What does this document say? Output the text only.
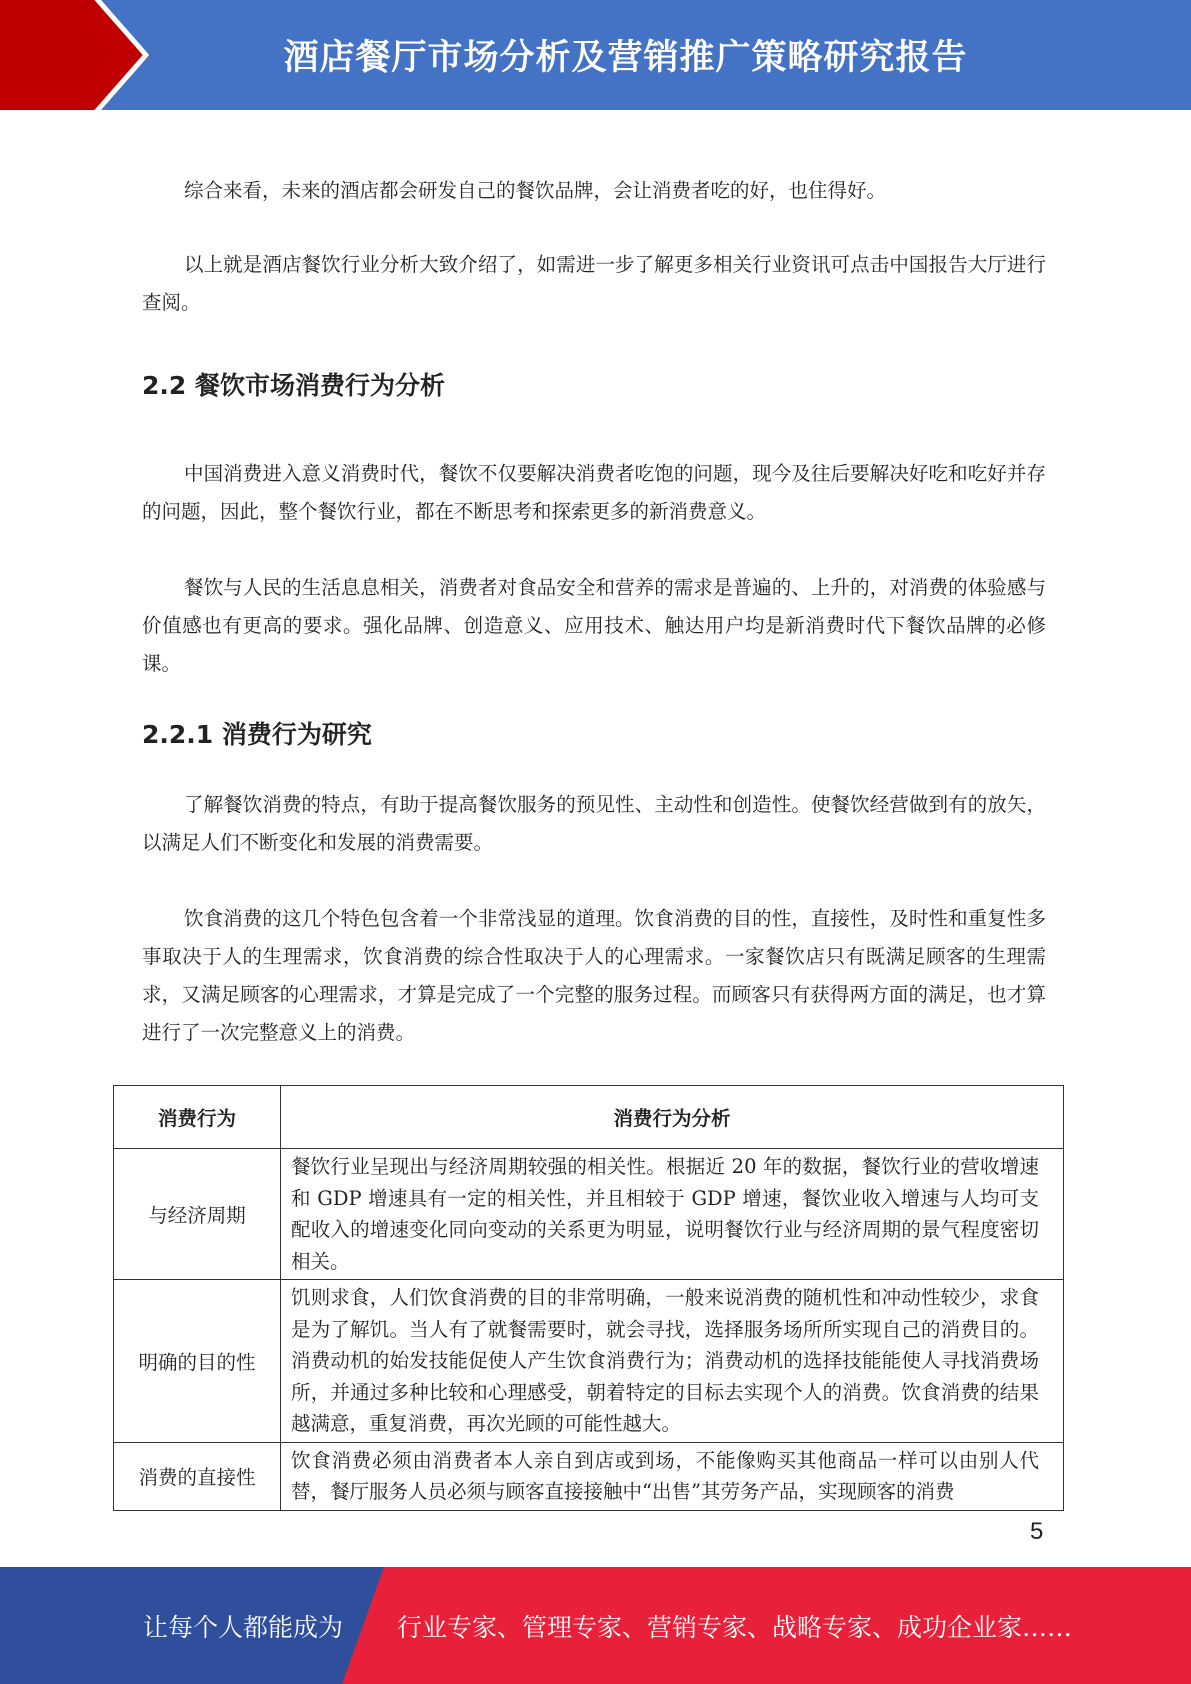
酒店餐厅市场分析及营销推广策略研究报告

综合来看，未来的酒店都会研发自己的餐饮品牌，会让消费者吃的好，也住得好。

以上就是酒店餐饮行业分析大致介绍了，如需进一步了解更多相关行业资讯可点击中国报告大厅进行查阅。

2.2 餐饮市场消费行为分析

中国消费进入意义消费时代，餐饮不仅要解决消费者吃饱的问题，现今及往后要解决好吃和吃好并存的问题，因此，整个餐饮行业，都在不断思考和探索更多的新消费意义。

餐饮与人民的生活息息相关，消费者对食品安全和营养的需求是普遍的、上升的，对消费的体验感与价值感也有更高的要求。强化品牌、创造意义、应用技术、触达用户均是新消费时代下餐饮品牌的必修课。

2.2.1 消费行为研究

了解餐饮消费的特点，有助于提高餐饮服务的预见性、主动性和创造性。使餐饮经营做到有的放矢，以满足人们不断变化和发展的消费需要。

饮食消费的这几个特色包含着一个非常浅显的道理。饮食消费的目的性，直接性，及时性和重复性多事取决于人的生理需求，饮食消费的综合性取决于人的心理需求。一家餐饮店只有既满足顾客的生理需求，又满足顾客的心理需求，才算是完成了一个完整的服务过程。而顾客只有获得两方面的满足，也才算进行了一次完整意义上的消费。

消费行为	消费行为分析
与经济周期	餐饮行业呈现出与经济周期较强的相关性。根据近 20 年的数据，餐饮行业的营收增速和 GDP 增速具有一定的相关性，并且相较于 GDP 增速，餐饮业收入增速与人均可支配收入的增速变化同向变动的关系更为明显，说明餐饮行业与经济周期的景气程度密切相关。
明确的目的性	饥则求食，人们饮食消费的目的非常明确，一般来说消费的随机性和冲动性较少，求食是为了解饥。当人有了就餐需要时，就会寻找，选择服务场所所实现自己的消费目的。消费动机的始发技能促使人产生饮食消费行为；消费动机的选择技能能使人寻找消费场所，并通过多种比较和心理感受，朝着特定的目标去实现个人的消费。饮食消费的结果越满意，重复消费，再次光顾的可能性越大。
消费的直接性	饮食消费必须由消费者本人亲自到店或到场，不能像购买其他商品一样可以由别人代替，餐厅服务人员必须与顾客直接接触中“出售”其劳务产品，实现顾客的消费
5
让每个人都能成为 行业专家、管理专家、营销专家、战略专家、成功企业家……
